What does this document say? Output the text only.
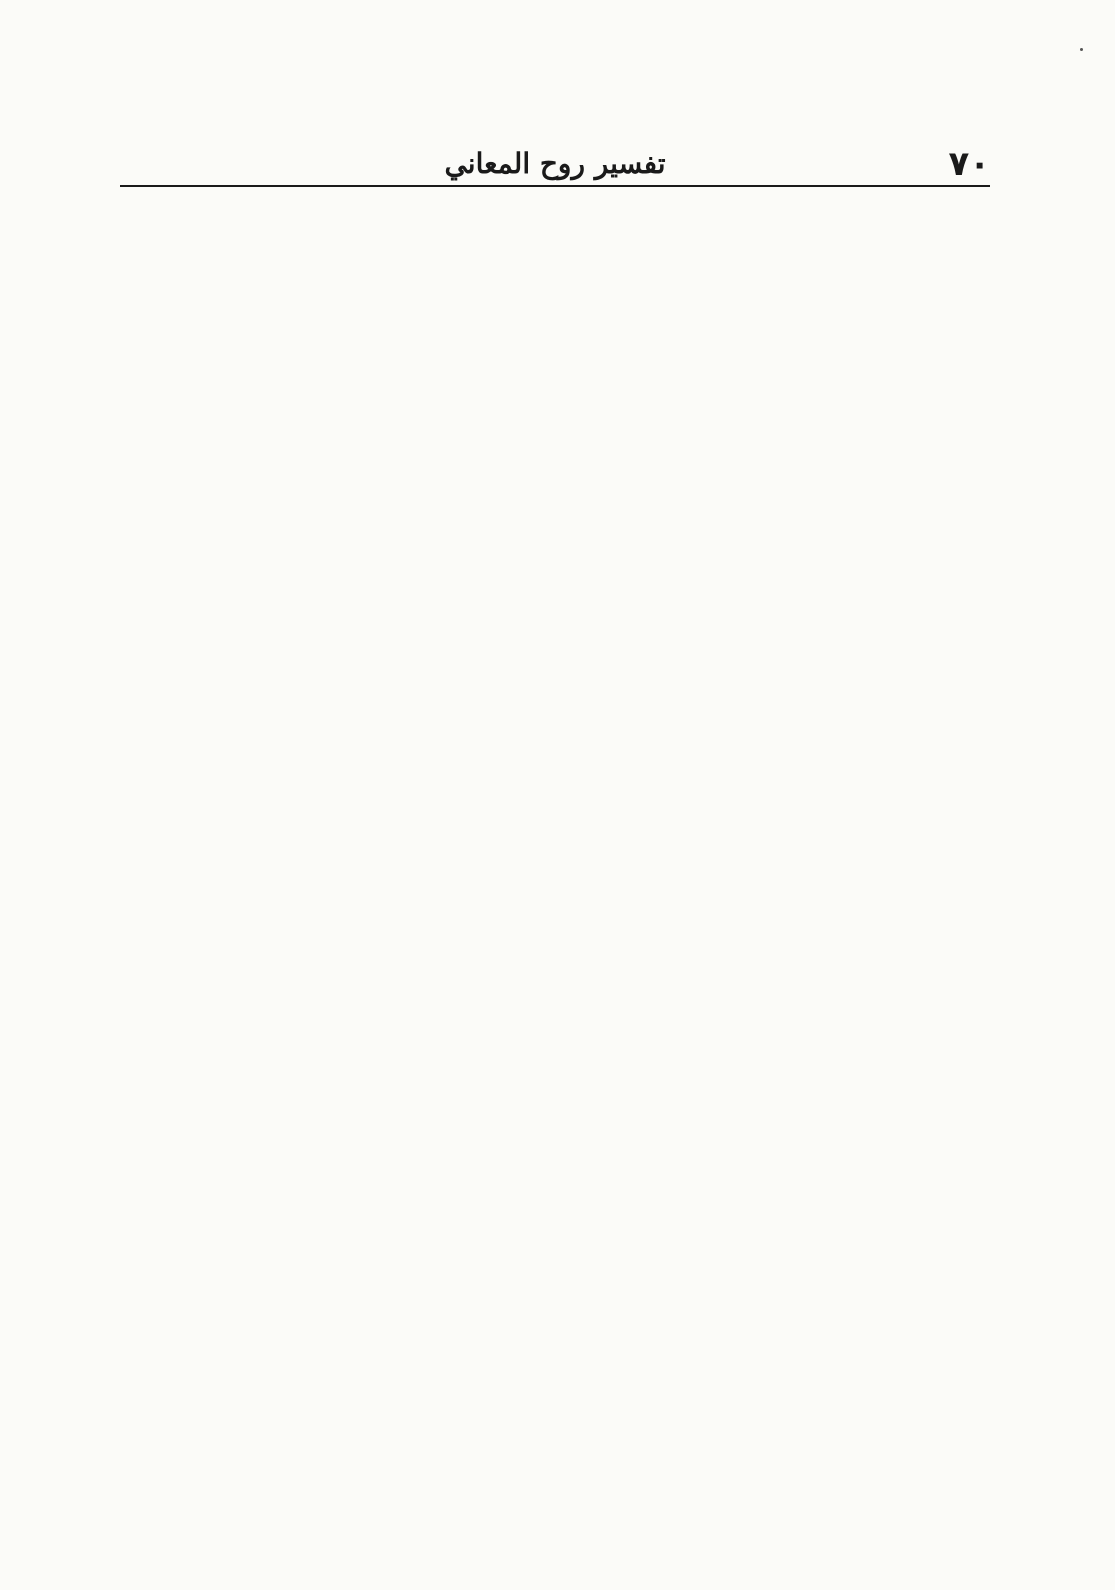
٧٠
تفسير روح المعاني
